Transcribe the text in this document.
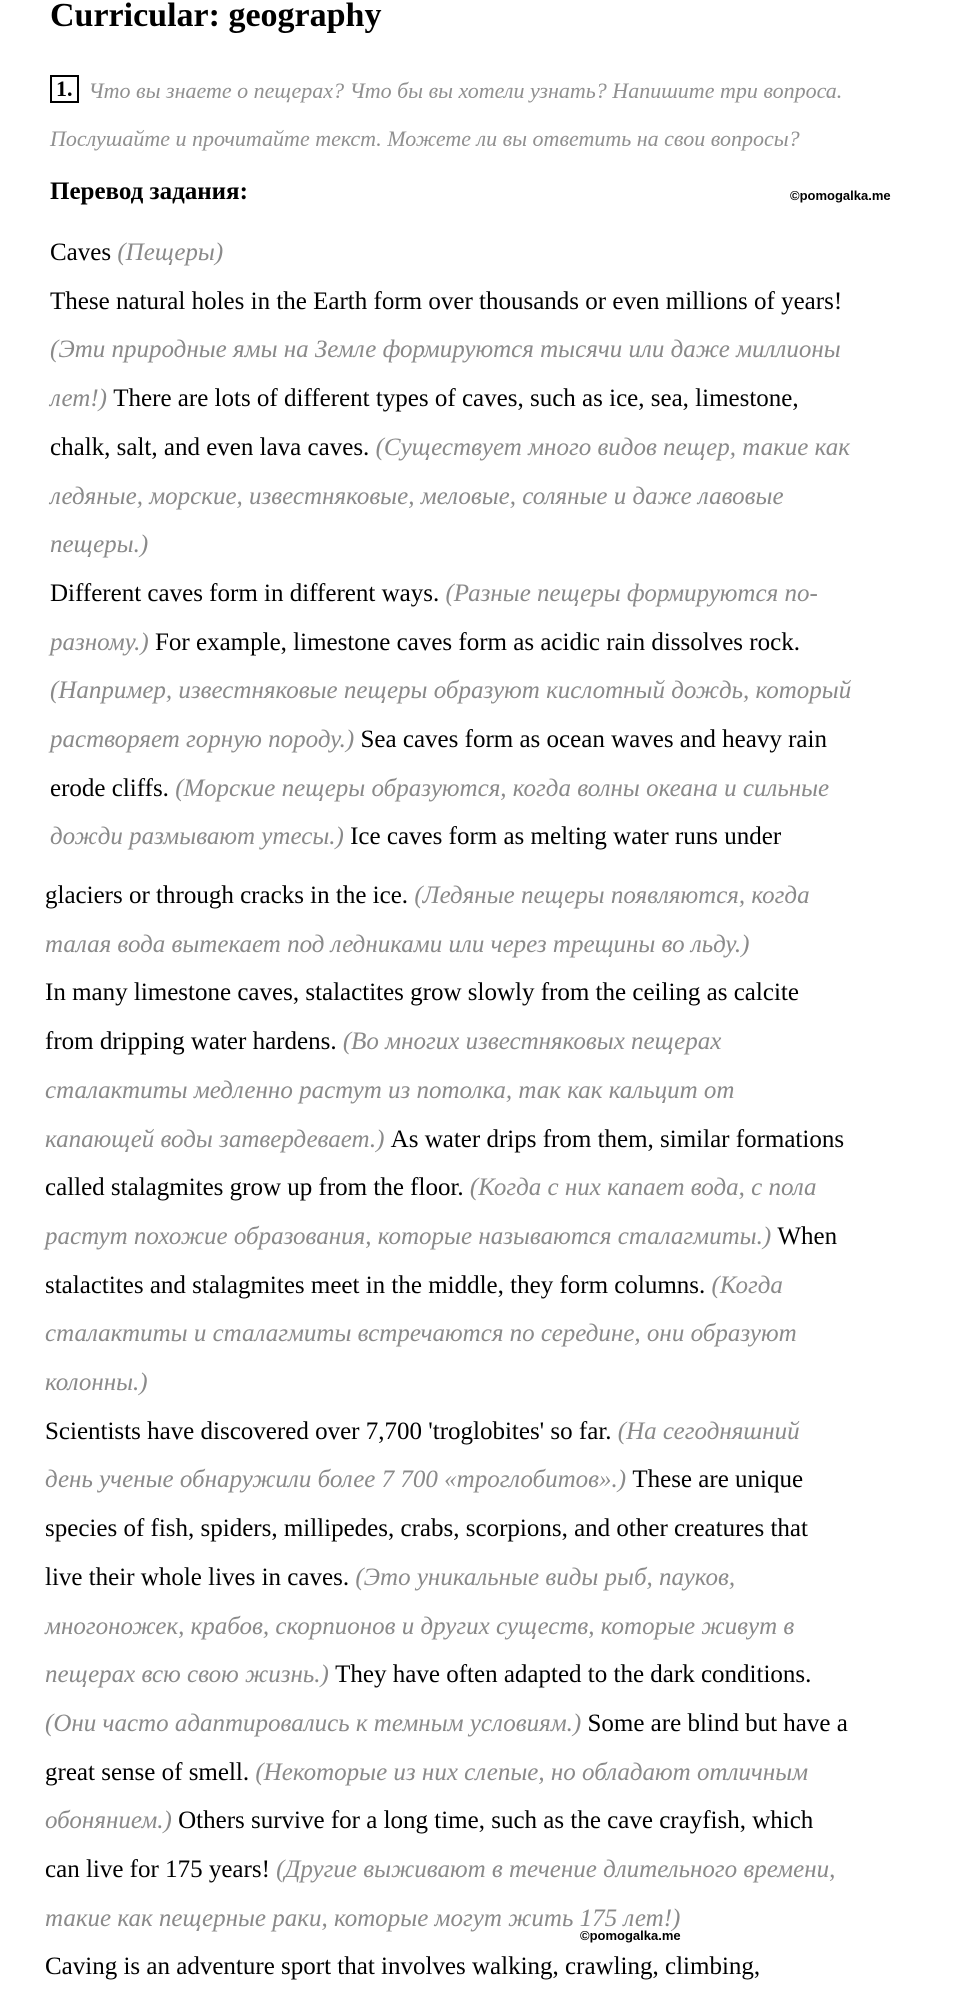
Curricular: geography
1. Что вы знаете о пещерах? Что бы вы хотели узнать? Напишите три вопроса.
Послушайте и прочитайте текст. Можете ли вы ответить на свои вопросы?
Перевод задания:	©pomogalka.me
Caves (Пещеры)
These natural holes in the Earth form over thousands or even millions of years!
(Эти природные ямы на Земле формируются тысячи или даже миллионы
лет!) There are lots of different types of caves, such as ice, sea, limestone,
chalk, salt, and even lava caves. (Существует много видов пещер, такие как
ледяные, морские, известняковые, меловые, соляные и даже лавовые
пещеры.)
Different caves form in different ways. (Разные пещеры формируются по-
разному.) For example, limestone caves form as acidic rain dissolves rock.
(Например, известняковые пещеры образуют кислотный дождь, который
растворяет горную породу.) Sea caves form as ocean waves and heavy rain
erode cliffs. (Морские пещеры образуются, когда волны океана и сильные
дожди размывают утесы.) Ice caves form as melting water runs under
glaciers or through cracks in the ice. (Ледяные пещеры появляются, когда
талая вода вытекает под ледниками или через трещины во льду.)
In many limestone caves, stalactites grow slowly from the ceiling as calcite
from dripping water hardens. (Во многих известняковых пещерах
сталактиты медленно растут из потолка, так как кальцит от
капающей воды затвердевает.) As water drips from them, similar formations
called stalagmites grow up from the floor. (Когда с них капает вода, с пола
растут похожие образования, которые называются сталагмиты.) When
stalactites and stalagmites meet in the middle, they form columns. (Когда
сталактиты и сталагмиты встречаются по середине, они образуют
колонны.)
Scientists have discovered over 7,700 'troglobites' so far. (На сегодняшний
день ученые обнаружили более 7 700 «троглобитов».) These are unique
species of fish, spiders, millipedes, crabs, scorpions, and other creatures that
live their whole lives in caves. (Это уникальные виды рыб, пауков,
многоножек, крабов, скорпионов и других существ, которые живут в
пещерах всю свою жизнь.) They have often adapted to the dark conditions.
(Они часто адаптировались к темным условиям.) Some are blind but have a
great sense of smell. (Некоторые из них слепые, но обладают отличным
обонянием.) Others survive for a long time, such as the cave crayfish, which
can live for 175 years! (Другие выживают в течение длительного времени,
такие как пещерные раки, которые могут жить 175 лет!)
Caving is an adventure sport that involves walking, crawling, climbing,
©pomogalka.me
